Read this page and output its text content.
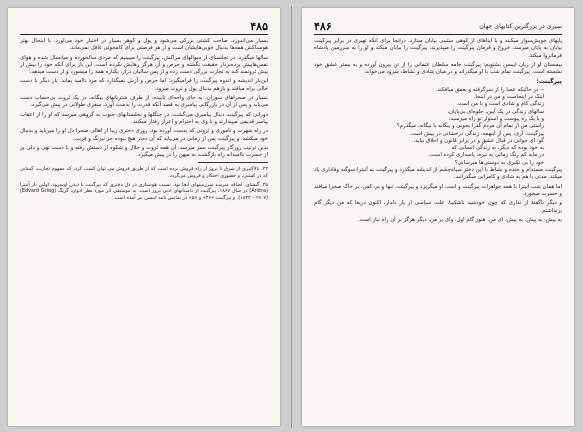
۴۸۵

بسیار می‌اندوزد، صاحب کشتی بزرگی می‌شود و پول و گوهر بسیار در اختیار خود می‌آورد. با اینحال بهتر هوسناکش همه‌ها بدنبال خوبی‌هایشان است و از هر فرصتی برای کامجوئی غافل نمی‌ماند.

سالها میگذرد. در تجلسنای از سوالهای مراکش، پیرگینت را میبینیم که مردی سالخورده و میانسال شده و هوای نفس‌هاییش پرده‌بردار حقیقت نگشته و حرص و آز، هرگز رهایش نکرده است. این بار برای آنکه خود را بیش از پیش ثروتمند کند به تجارت بزرگی دست زده و از پس سالیان دراز، یکباره همه را میسوزد و از دست میدهد.

این‌بار اندیشه و اندوه پیرگینت را فرامیگیرد؛ اما حرص و آزش نمیگذارد که مرد ناامید بماند. بار دیگر با دست خالی براه میافتد و بازهم بدنبال پول و ثروت میرود.

بسیار در صحراهای سوزان، به جای واحه‌ای تابیده، از طرف شتربانهای بیگانه، در یک ثروت بی‌حساب دست می‌یابد و پس از آن در بازرگانی پیامبری به قصد آنکه قدرت را بدست آورد، سفری طولانی در پیش می‌گیرد.

دورانی که پیرگینت دنبال پیامبری می‌گشت، در جنگلها و نخلستانهای جنوب به گروهی میرسد که او را از اعقاب پیامبر قدیمی میپندارند و با وی به احترام و اعزاز رفتار میکنند.

در راه شهرت و ناموری و ثروتی که بدست آورده بود، روزی دختری زیبا از اهالی صحرا دل او را میرباید و بدنبال خود میکشد، و پیرگینت پس از زمانی در می‌یابد که آن دختر هیچ نبوده جز نیرنگ و فریب.

بدین ترتیب روزگار پیرگینت بسر میرسد. آن همه ثروت و جلال و شکوه از دستش رفته و با دست تهی و دلی پر از حسرت ناامیدانه راه بازگشت به میهن را در پیش میگیرد.

۴۴. بالاکنیزی از شرق تا نروژ از راه فروش برده است که از طریق فروش می توان کسب کرد، که مفهوم تجارت، کسانی که در کشتی، و حضوری احتکار و فروش می‌گردد.

۴۵. گیشای. اضافه میرسد سرزمینهای آنجا بود. نسبت هوسبازی در دل دختری که پیرگینت با دیدن اوسرود. اولین بار آنیترا (Anitra) در سال ۱۸۶۷، پیرگینت از داستانهای ادبی نروژ است. به موسیقی اثر مورد نظر ادوارد گریگ (Edvard Grieg) (۱۸۴۳ - ۱۹۰۷). و پیرگینت «۴۶» و «۵» در نمایش نامه ایبسن نیز آمده است.

سیری در بزرگترین کتابهای جهان
۴۸۶

پاپهای خویش‌سوار میکنند و با ایناهای از کوهی ستیبی بیابان میتازد. درآنجا برای آنکه تهیری در برابر پیرگینت بیابان به پایان میرسد، خروج و فرمان پیرگینت را میپذیرند. پیرگینت را بیابان میکند و او را به سرزمین پادشاه فرمانروا میکند.

بیمستان او از زبان ایبسن بشنویم: پیرگینت جامه سلطان عثمانی را از تن بیرون آورده و به بستر عشق خود نشسته است. پیرگینت تمام شب با او میگذراند و در میان شادی و نشاط، سرود می‌خواند:

پیرگینت:

-- در حالیکه عصا را از سرگرفته و بعمق میافکند

اینک در اینجاست و من در اینجا.

زندگی کام و شادی است و با من است.

سالهای زندگی در یک آیین، جلوه‌ای بی‌پایان،

و با یک ره پیوست و استوار تو راه میرسید،

راستی من از تمام آن مردم گذرا بخوبی و بیگانه با بیگانه، میگذرم؟

پیرگینت: آری، پس از اینهمه، زندگی درخشانی در پیش است.

گو: ای جوانی در قبال عشق و در برابر قانون و اخلاق نیاید،

به خود بوده که دیگر، به زندگی انسانی که

در مایه کم رنگ زمانی به نیزه، پاسداری کرده است،

خود را بی تکبری به دوستی‌ها میرسانی؟

پیرگینت مستدام و خنده و نشاط با این دختر سیاه‌چشم از اندیشه میگذرد و پیرگینت به آنیترا سوگند وفاداری یاد میکند. مدتی با هم به شادی و کامرانی میگذرانند.

اما همان شب آنیترا با همه جواهرات پیرگینت و اسب او میگریزد و پیرگینت، تنها و بی کس، بر خاک صحرا میافتد و حسرت میخورد.

و دیگر ناگفتهٔ از نداری که چون خودشید ناشکیبا، علت سپاسی از یار دلدار، اکنون دریغا که من دیگر گام برنداشتم.

به پیش، به پیش، به پیش، ای من. هنوز گام اول، وای بر من، دیگر هرگز بر آن راه نیاز است.
